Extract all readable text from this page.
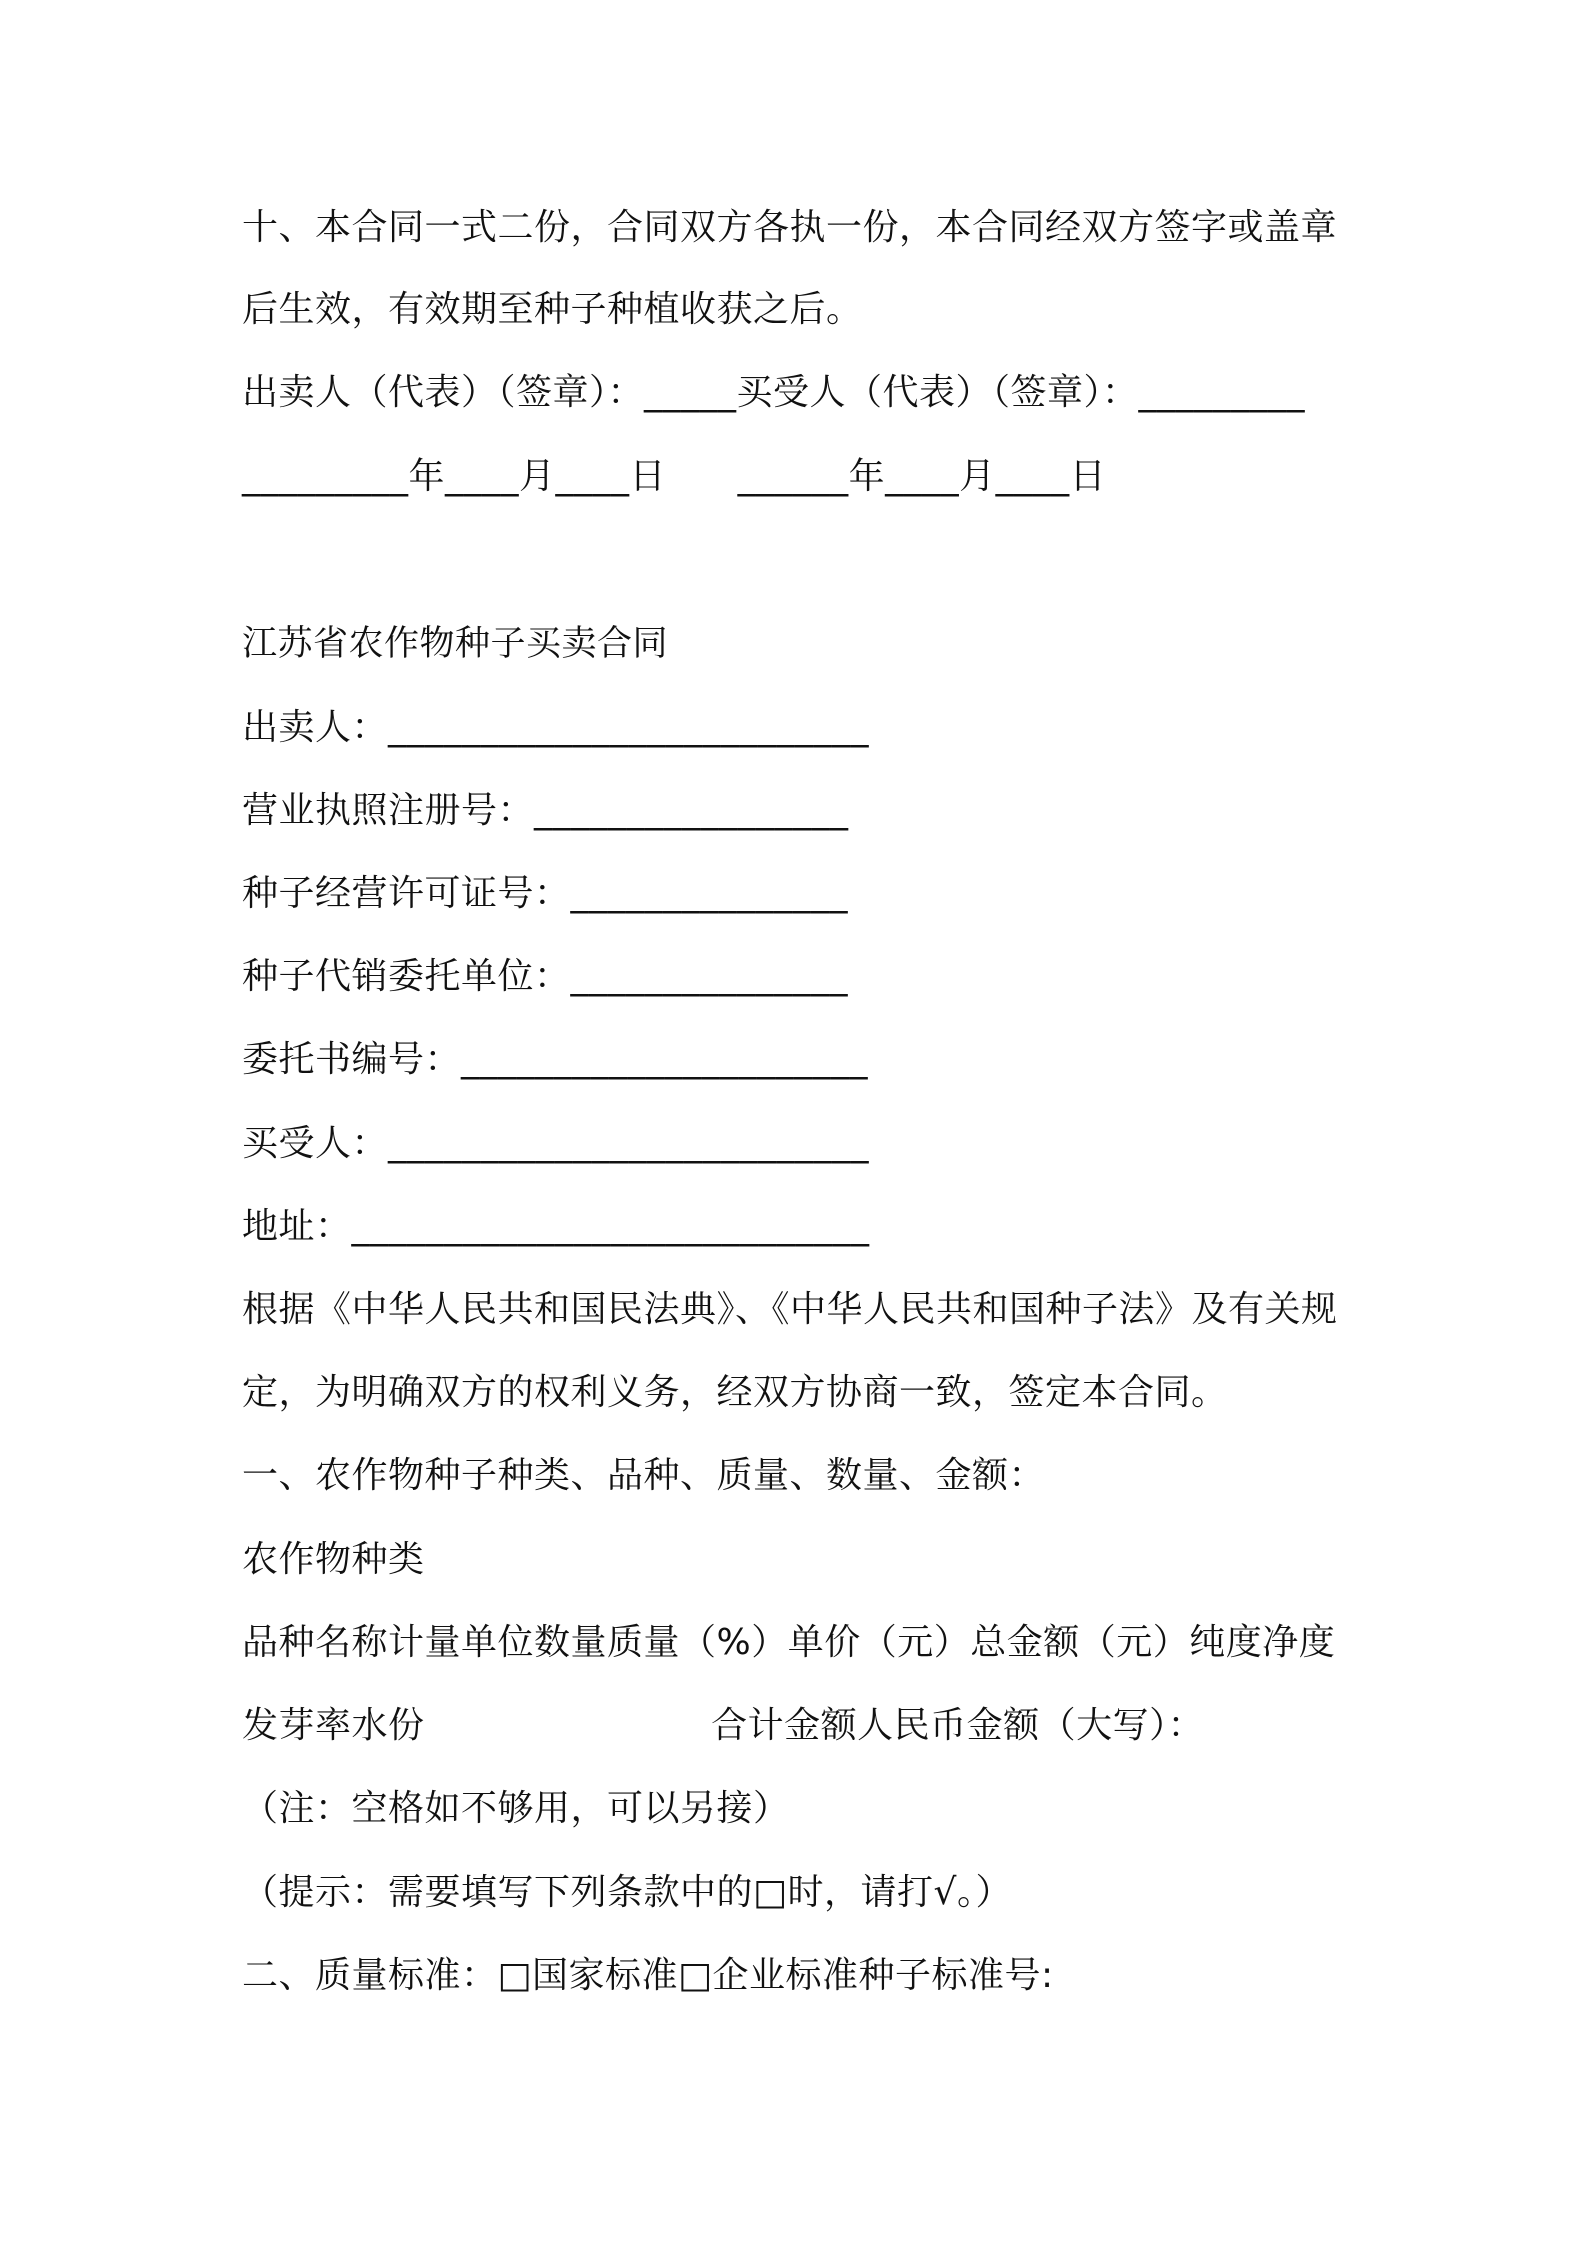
十、本合同一式二份，合同双方各执一份，本合同经双方签字或盖章
后生效，有效期至种子种植收获之后。
出卖人（代表）（签章）：_____买受人（代表）（签章）：_________
_________年____月____日      ______年____月____日
江苏省农作物种子买卖合同
出卖人：__________________________
营业执照注册号：_________________
种子经营许可证号：_______________
种子代销委托单位：_______________
委托书编号：______________________
买受人：__________________________
地址：____________________________
根据《中华人民共和国民法典》、《中华人民共和国种子法》及有关规
定，为明确双方的权利义务，经双方协商一致，签定本合同。
一、农作物种子种类、品种、质量、数量、金额：
农作物种类
品种名称计量单位数量质量（%）单价（元）总金额（元）纯度净度
发芽率水份                        合计金额人民币金额（大写）：
（注：空格如不够用，可以另接）
（提示：需要填写下列条款中的□时，请打√。）
二、质量标准：□国家标准□企业标准种子标准号:
